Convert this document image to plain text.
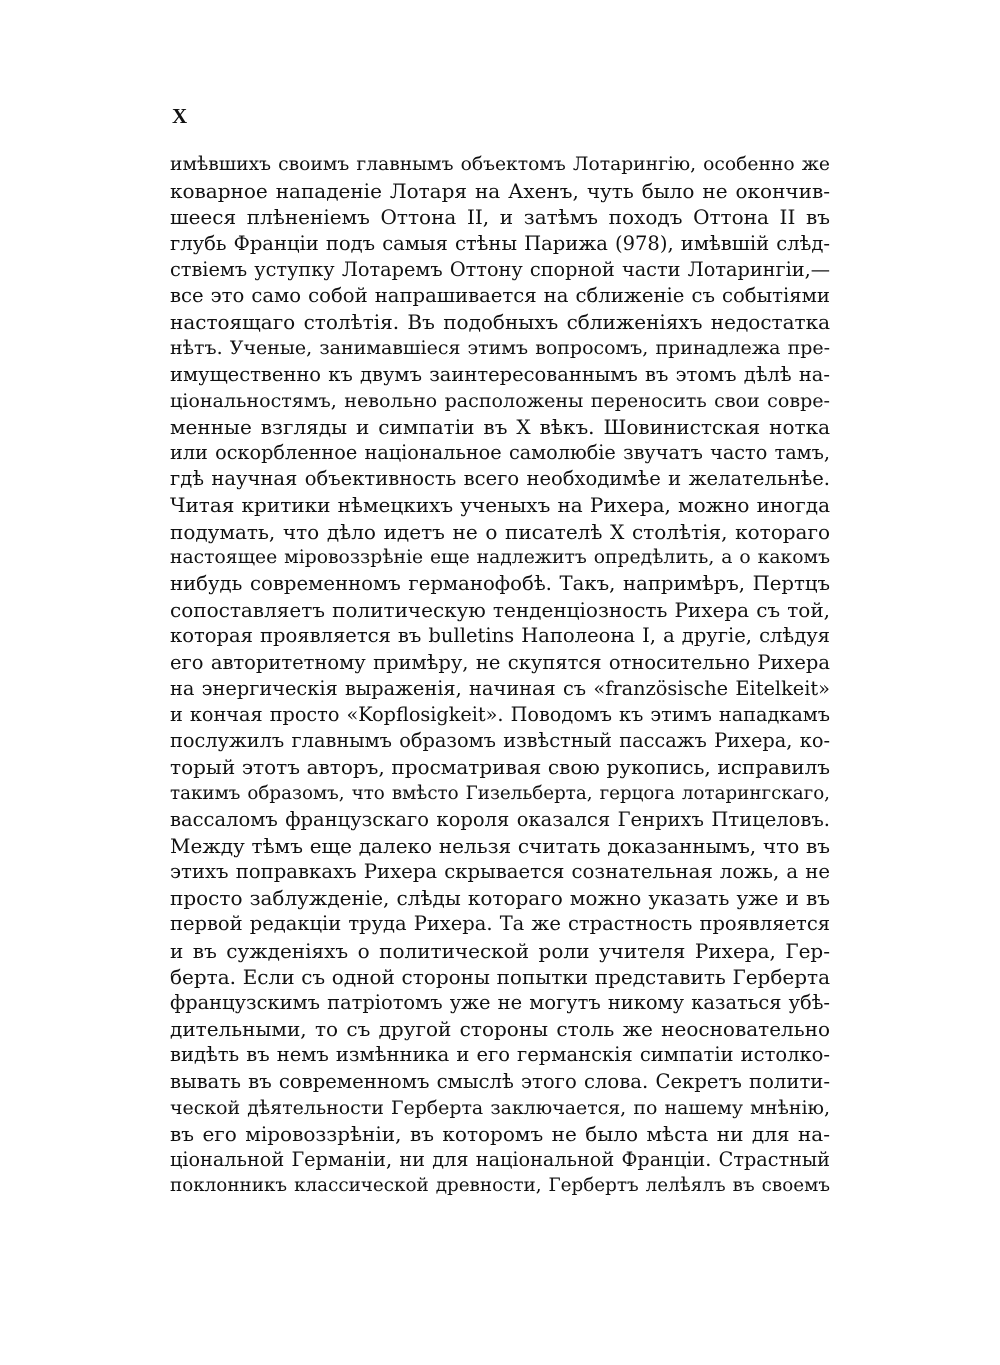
X
имѣвшихъ своимъ главнымъ объектомъ Лотарингію, особенно же
коварное нападеніе Лотаря на Ахенъ, чуть было не окончив-
шееся плѣненіемъ Оттона II, и затѣмъ походъ Оттона II въ
глубь Франціи подъ самыя стѣны Парижа (978), имѣвшій слѣд-
ствіемъ уступку Лотаремъ Оттону спорной части Лотарингіи,—
все это само собой напрашивается на сближеніе съ событіями
настоящаго столѣтія. Въ подобныхъ сближеніяхъ недостатка
нѣтъ. Ученые, занимавшіеся этимъ вопросомъ, принадлежа пре-
имущественно къ двумъ заинтересованнымъ въ этомъ дѣлѣ на-
ціональностямъ, невольно расположены переносить свои совре-
менные взгляды и симпатіи въ X вѣкъ. Шовинистская нотка
или оскорбленное національное самолюбіе звучатъ часто тамъ,
гдѣ научная объективность всего необходимѣе и желательнѣе.
Читая критики нѣмецкихъ ученыхъ на Рихера, можно иногда
подумать, что дѣло идетъ не о писателѣ X столѣтія, котораго
настоящее міровоззрѣніе еще надлежитъ опредѣлить, а о какомъ
нибудь современномъ германофобѣ. Такъ, напримѣръ, Пертцъ
сопоставляетъ политическую тенденціозность Рихера съ той,
которая проявляется въ bulletins Наполеона I, а другіе, слѣдуя
его авторитетному примѣру, не скупятся относительно Рихера
на энергическія выраженія, начиная съ «französische Eitelkeit»
и кончая просто «Kopflosigkeit». Поводомъ къ этимъ нападкамъ
послужилъ главнымъ образомъ извѣстный пассажъ Рихера, ко-
торый этотъ авторъ, просматривая свою рукопись, исправилъ
такимъ образомъ, что вмѣсто Гизельберта, герцога лотарингскаго,
вассаломъ французскаго короля оказался Генрихъ Птицеловъ.
Между тѣмъ еще далеко нельзя считать доказаннымъ, что въ
этихъ поправкахъ Рихера скрывается сознательная ложь, а не
просто заблужденіе, слѣды котораго можно указать уже и въ
первой редакціи труда Рихера. Та же страстность проявляется
и въ сужденіяхъ о политической роли учителя Рихера, Гер-
берта. Если съ одной стороны попытки представить Герберта
французскимъ патріотомъ уже не могутъ никому казаться убѣ-
дительными, то съ другой стороны столь же неосновательно
видѣть въ немъ измѣнника и его германскія симпатіи истолко-
вывать въ современномъ смыслѣ этого слова. Секретъ полити-
ческой дѣятельности Герберта заключается, по нашему мнѣнію,
въ его міровоззрѣніи, въ которомъ не было мѣста ни для на-
ціональной Германіи, ни для національной Франціи. Страстный
поклонникъ классической древности, Гербертъ лелѣялъ въ своемъ
